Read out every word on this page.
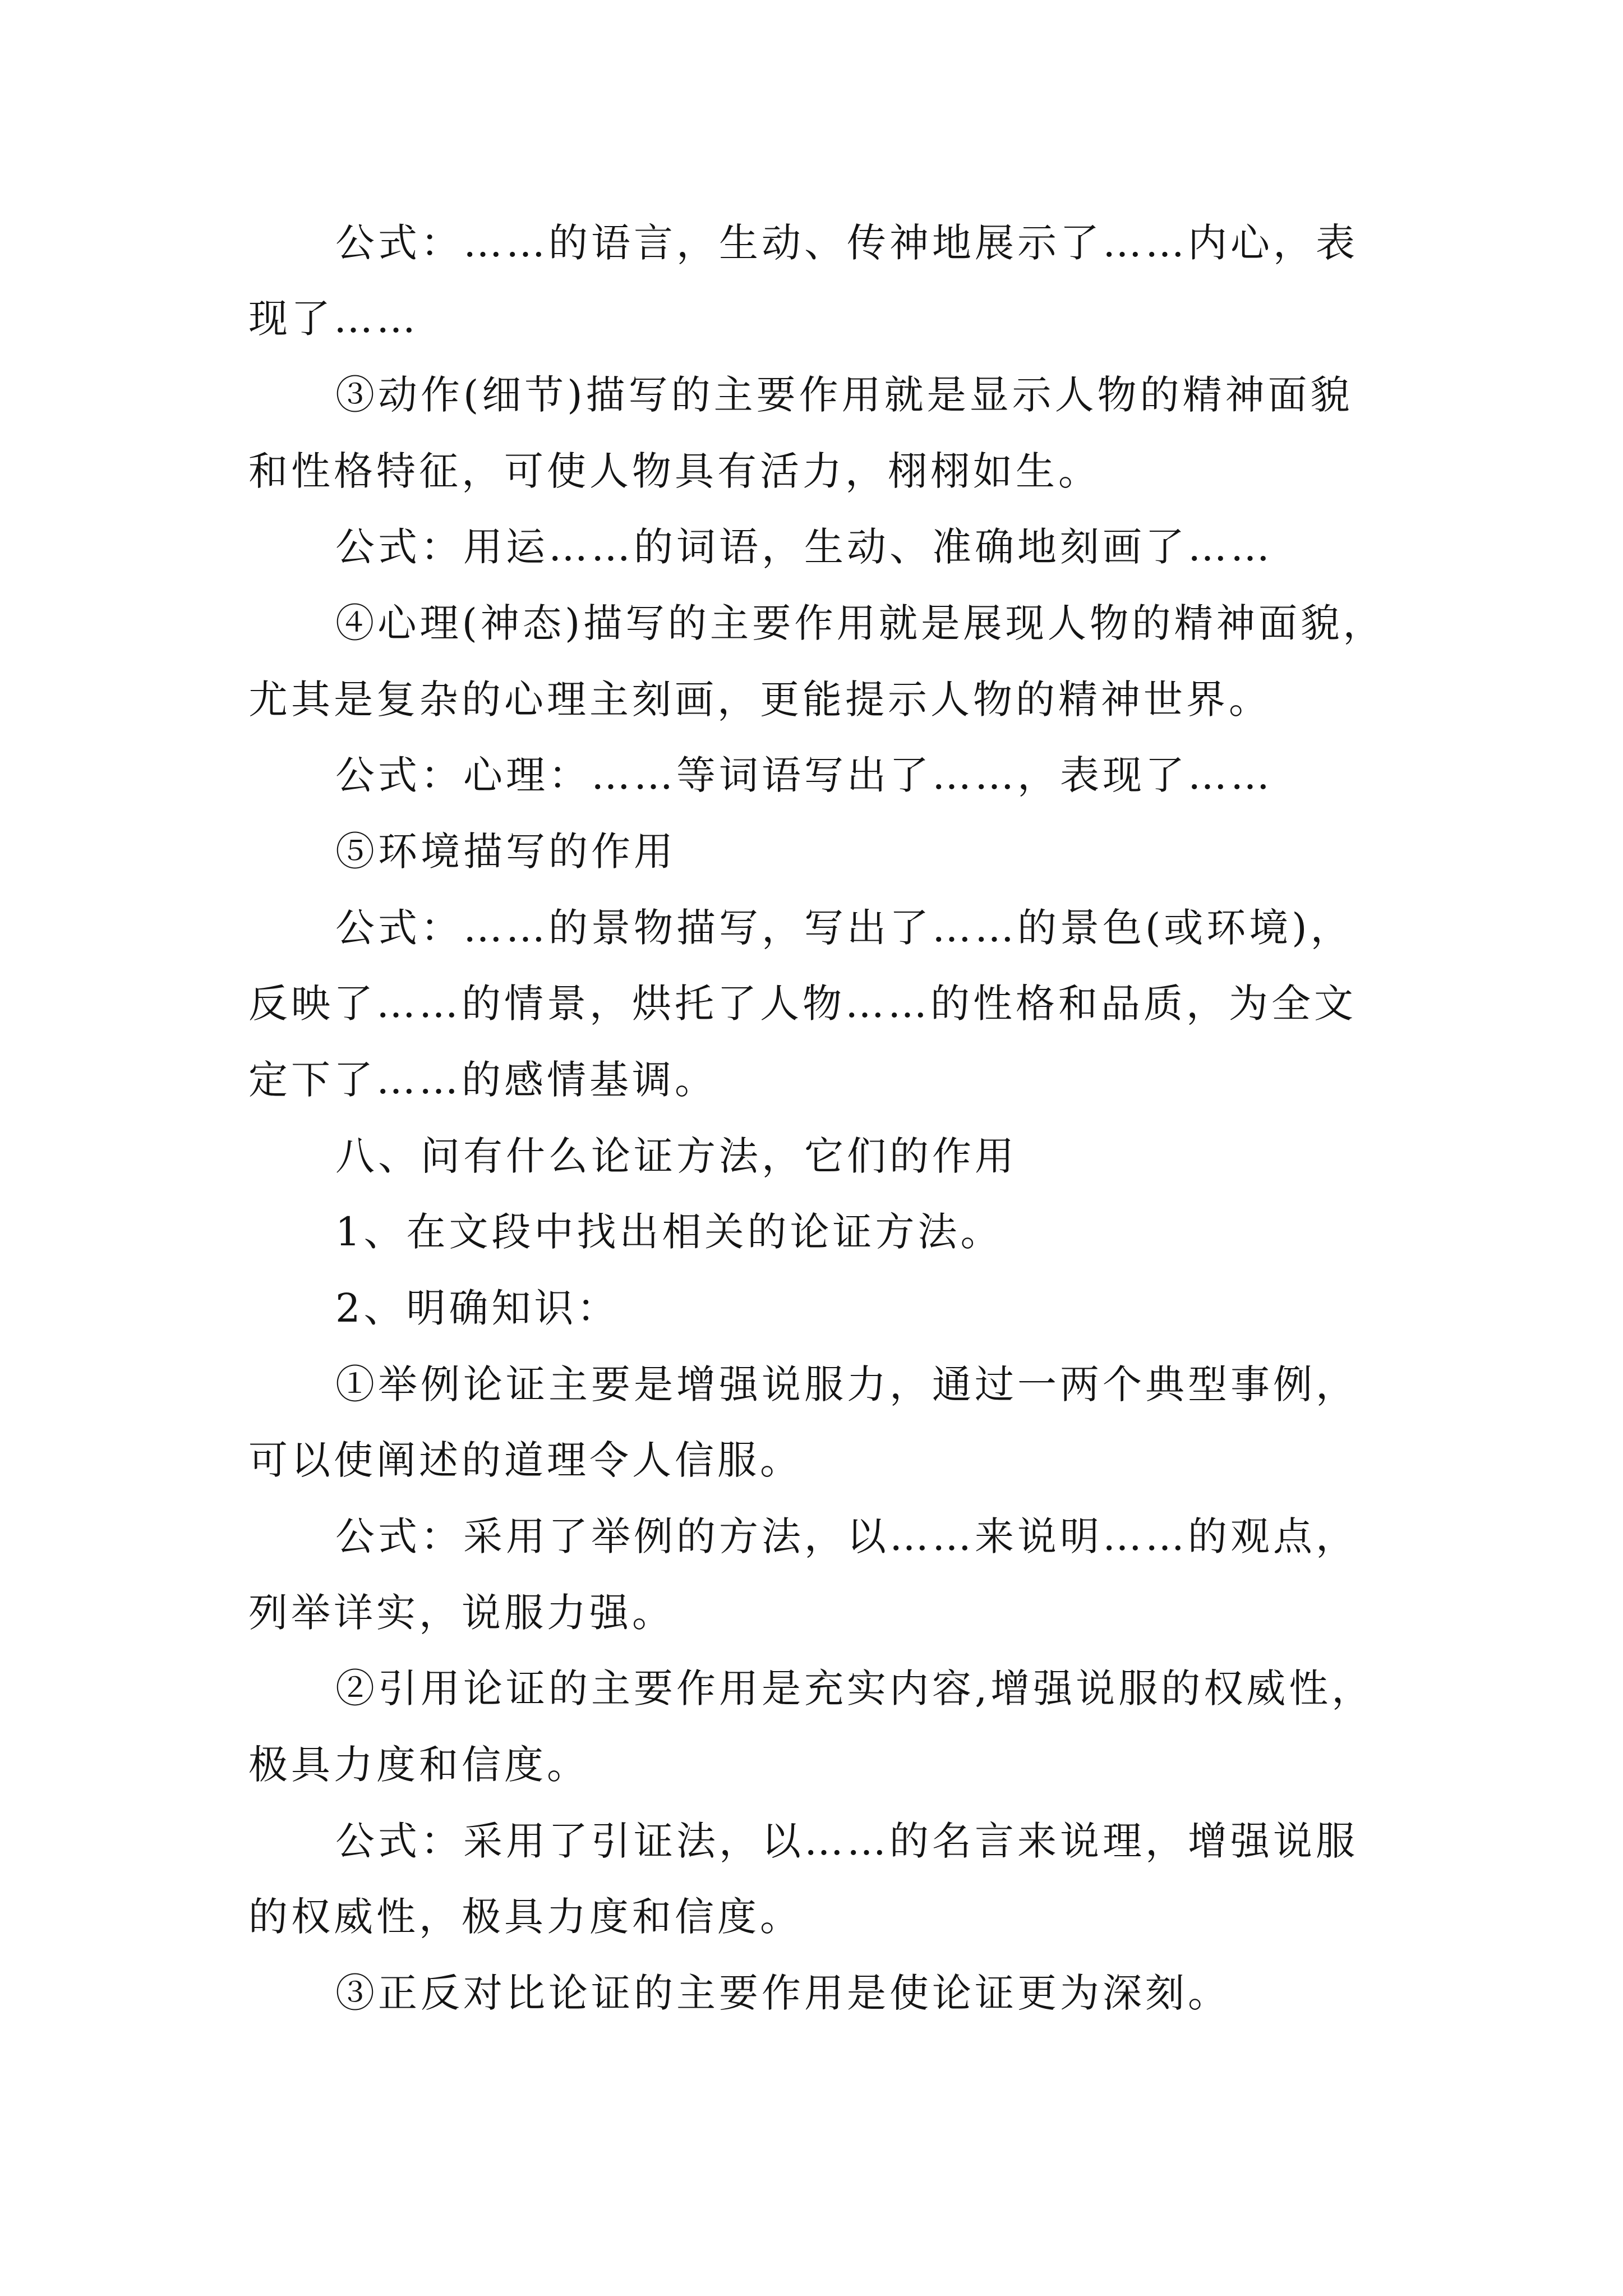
公式：……的语言，生动、传神地展示了……内心，表
现了……
③动作(细节)描写的主要作用就是显示人物的精神面貌
和性格特征，可使人物具有活力，栩栩如生。
公式：用运……的词语，生动、准确地刻画了……
④心理(神态)描写的主要作用就是展现人物的精神面貌，
尤其是复杂的心理主刻画，更能提示人物的精神世界。
公式：心理：……等词语写出了……，表现了……
⑤环境描写的作用
公式：……的景物描写，写出了……的景色(或环境)，
反映了……的情景，烘托了人物……的性格和品质，为全文
定下了……的感情基调。
八、问有什么论证方法，它们的作用
1、在文段中找出相关的论证方法。
2、明确知识：
①举例论证主要是增强说服力，通过一两个典型事例，
可以使阐述的道理令人信服。
公式：采用了举例的方法，以……来说明……的观点，
列举详实，说服力强。
②引用论证的主要作用是充实内容,增强说服的权威性，
极具力度和信度。
公式：采用了引证法，以……的名言来说理，增强说服
的权威性，极具力度和信度。
③正反对比论证的主要作用是使论证更为深刻。
